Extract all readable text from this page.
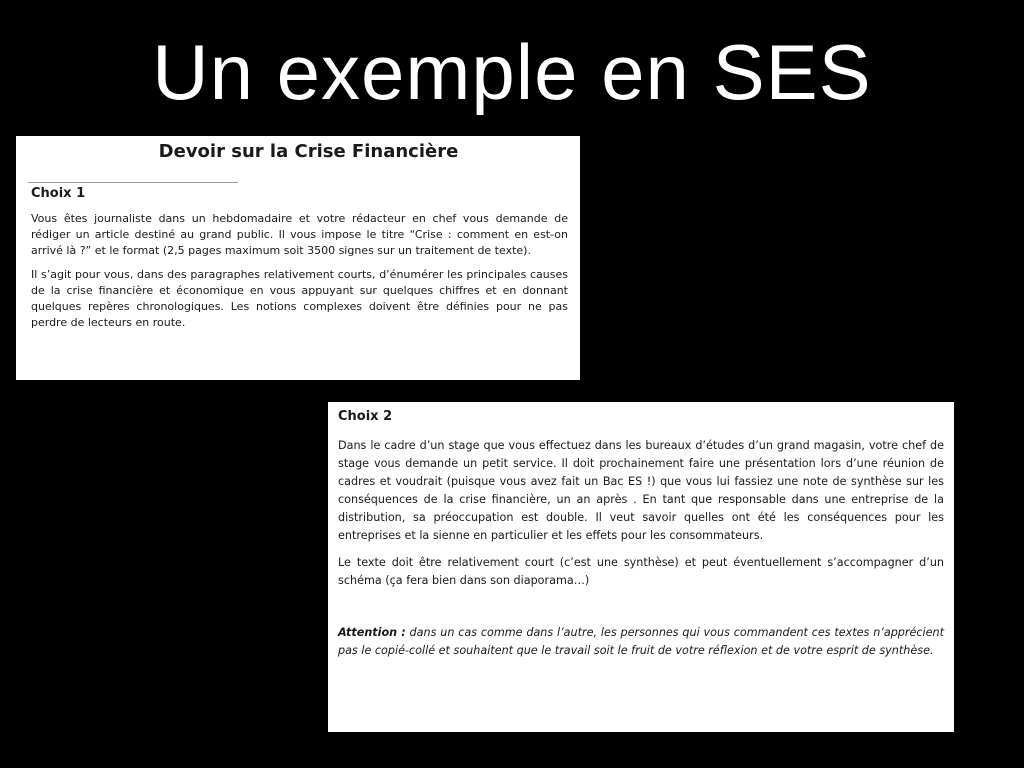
Un exemple en SES
Devoir sur la Crise Financière
Choix 1

Vous êtes journaliste dans un hebdomadaire et votre rédacteur en chef vous demande de rédiger un article destiné au grand public. Il vous impose le titre “Crise : comment en est-on arrivé là ?” et le format (2,5 pages maximum soit 3500 signes sur un traitement de texte).

Il s’agit pour vous, dans des paragraphes relativement courts, d’énumérer les principales causes de la crise financière et économique en vous appuyant sur quelques chiffres et en donnant quelques repères chronologiques. Les notions complexes doivent être définies pour ne pas perdre de lecteurs en route.

Choix 2

Dans le cadre d’un stage que vous effectuez dans les bureaux d’études d’un grand magasin, votre chef de stage vous demande un petit service. Il doit prochainement faire une présentation lors d’une réunion de cadres et voudrait (puisque vous avez fait un Bac ES !) que vous lui fassiez une note de synthèse sur les conséquences de la crise financière, un an après . En tant que responsable dans une entreprise de la distribution, sa préoccupation est double. Il veut savoir quelles ont été les conséquences pour les entreprises et la sienne en particulier et les effets pour les consommateurs.

Le texte doit être relativement court (c’est une synthèse) et peut éventuellement s’accompagner d’un schéma (ça fera bien dans son diaporama…)

Attention : dans un cas comme dans l’autre, les personnes qui vous commandent ces textes n’apprécient pas le copié-collé et souhaitent que le travail soit le fruit de votre réflexion et de votre esprit de synthèse.
